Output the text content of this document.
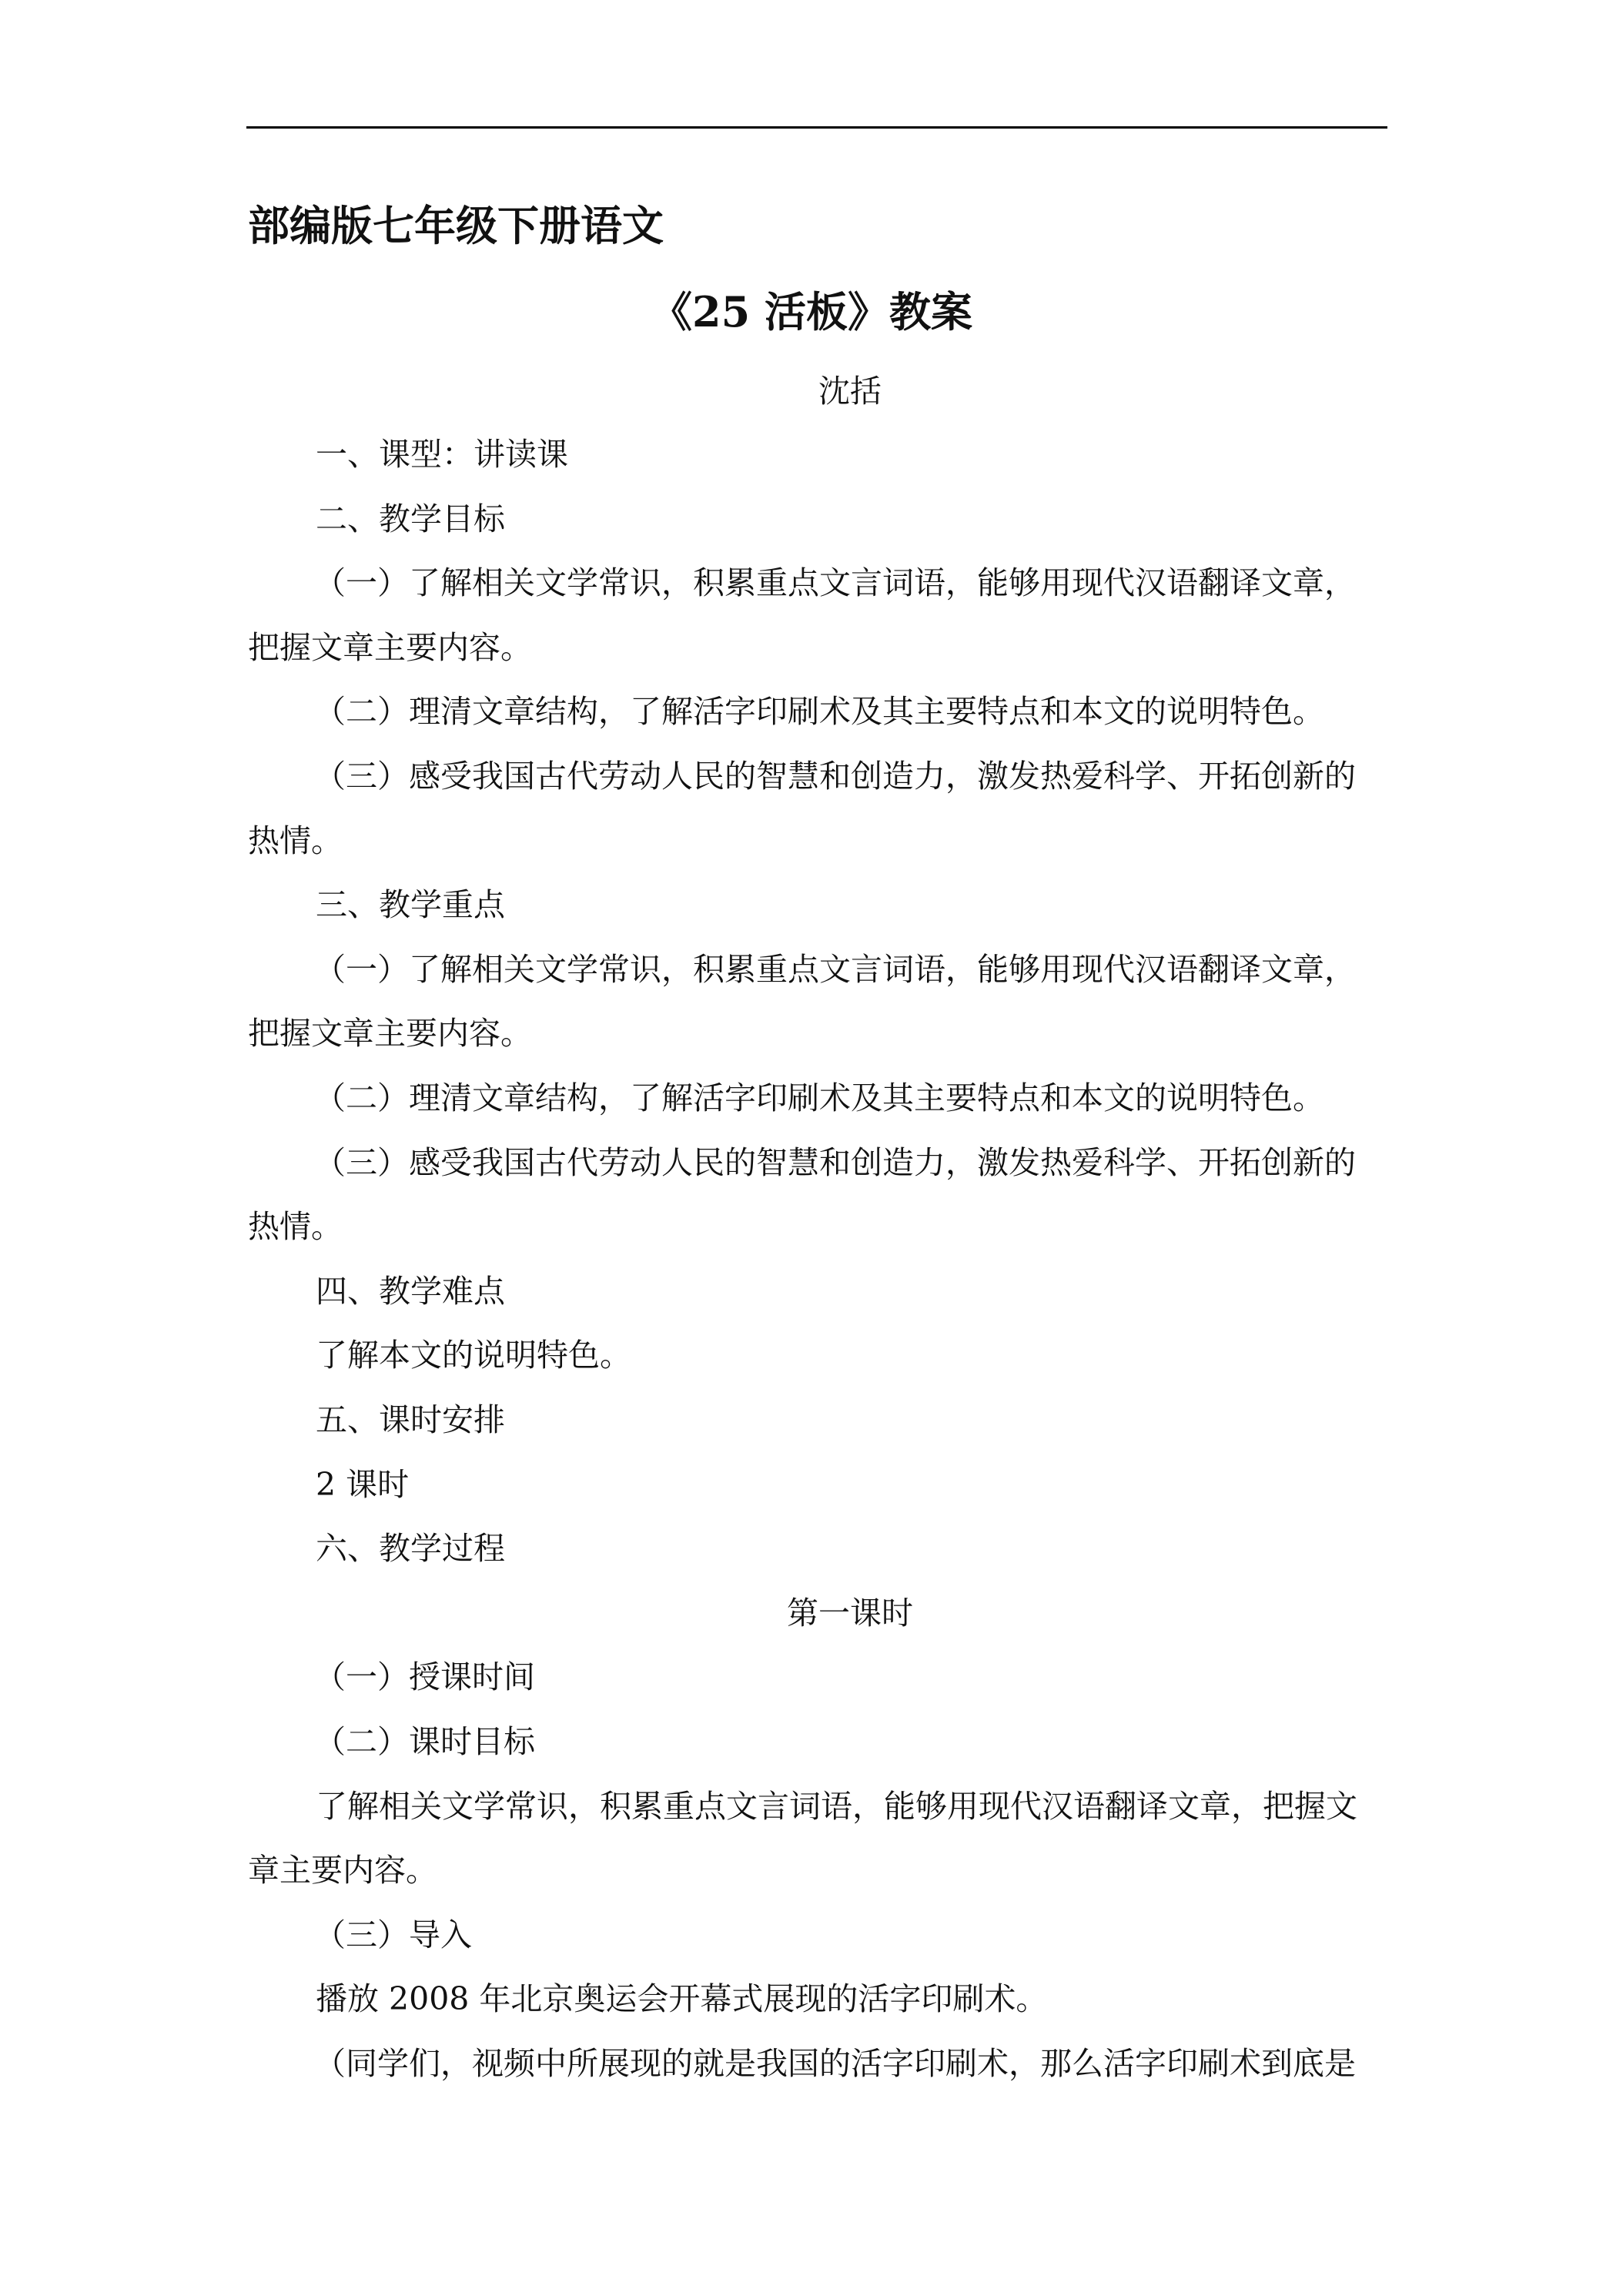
部编版七年级下册语文
《25 活板》教案
沈括
一、课型：讲读课
二、教学目标
（一）了解相关文学常识，积累重点文言词语，能够用现代汉语翻译文章，
把握文章主要内容。
（二）理清文章结构，了解活字印刷术及其主要特点和本文的说明特色。
（三）感受我国古代劳动人民的智慧和创造力，激发热爱科学、开拓创新的
热情。
三、教学重点
（一）了解相关文学常识，积累重点文言词语，能够用现代汉语翻译文章，
把握文章主要内容。
（二）理清文章结构，了解活字印刷术及其主要特点和本文的说明特色。
（三）感受我国古代劳动人民的智慧和创造力，激发热爱科学、开拓创新的
热情。
四、教学难点
了解本文的说明特色。
五、课时安排
2 课时
六、教学过程
第一课时
（一）授课时间
（二）课时目标
了解相关文学常识，积累重点文言词语，能够用现代汉语翻译文章，把握文
章主要内容。
（三）导入
播放 2008 年北京奥运会开幕式展现的活字印刷术。
（同学们，视频中所展现的就是我国的活字印刷术，那么活字印刷术到底是
